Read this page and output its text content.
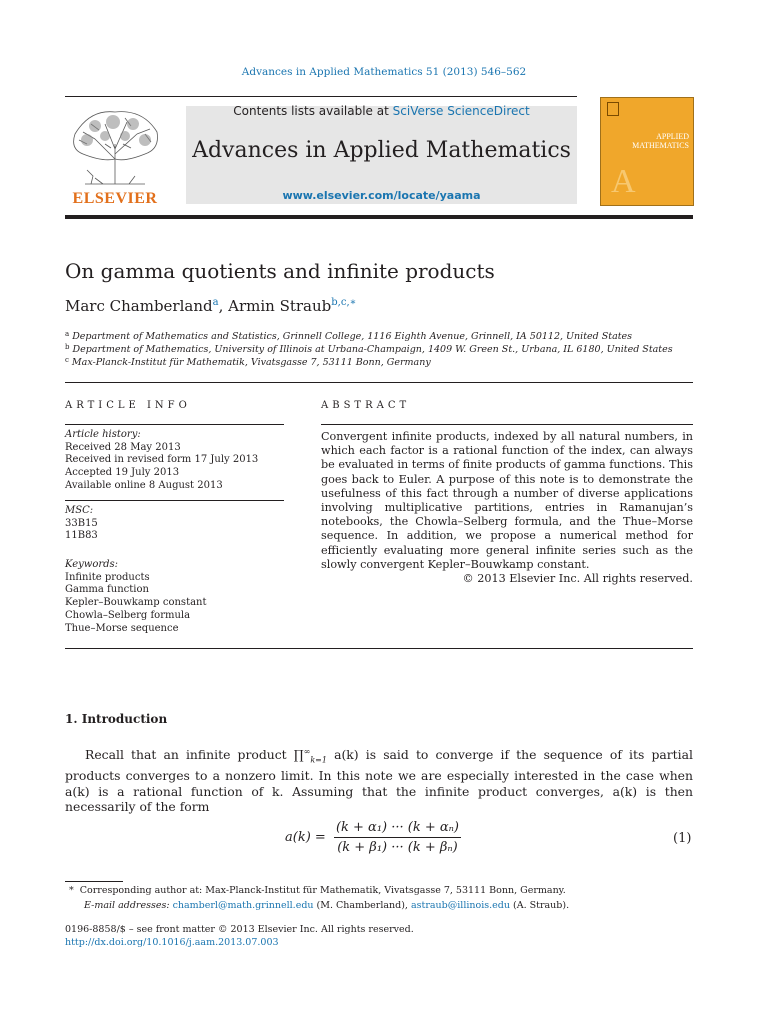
Advances in Applied Mathematics 51 (2013) 546–562
ELSEVIER
Contents lists available at SciVerse ScienceDirect
Advances in Applied Mathematics
www.elsevier.com/locate/yaama
APPLIED
MATHEMATICS
A
On gamma quotients and infinite products
Marc Chamberland$^a$, Armin Straub$^{b,c,∗}$
$^a$ Department of Mathematics and Statistics, Grinnell College, 1116 Eighth Avenue, Grinnell, IA 50112, United States
$^b$ Department of Mathematics, University of Illinois at Urbana-Champaign, 1409 W. Green St., Urbana, IL 6180, United States
$^c$ Max-Planck-Institut für Mathematik, Vivatsgasse 7, 53111 Bonn, Germany
ARTICLE INFO
Article history:
Received 28 May 2013
Received in revised form 17 July 2013
Accepted 19 July 2013
Available online 8 August 2013
MSC:
33B15
11B83
Keywords:
Infinite products
Gamma function
Kepler–Bouwkamp constant
Chowla–Selberg formula
Thue–Morse sequence
ABSTRACT
Convergent infinite products, indexed by all natural numbers, in which each factor is a rational function of the index, can always be evaluated in terms of finite products of gamma functions. This goes back to Euler. A purpose of this note is to demonstrate the usefulness of this fact through a number of diverse applications involving multiplicative partitions, entries in Ramanujan’s notebooks, the Chowla–Selberg formula, and the Thue–Morse sequence. In addition, we propose a numerical method for efficiently evaluating more general infinite series such as the slowly convergent Kepler–Bouwkamp constant.
© 2013 Elsevier Inc. All rights reserved.
1. Introduction
Recall that an infinite product $\prod^\infty_{k=1}$ a(k) is said to converge if the sequence of its partial products converges to a nonzero limit. In this note we are especially interested in the case when a(k) is a rational function of k. Assuming that the infinite product converges, a(k) is then necessarily of the form
$a(k) = \frac{\text{(k + α₁) ··· (k + αₙ)}}{\text{(k + β₁) ··· (k + βₙ)}}$	(1)
* Corresponding author at: Max-Planck-Institut für Mathematik, Vivatsgasse 7, 53111 Bonn, Germany.
E-mail addresses: chamberl@math.grinnell.edu (M. Chamberland), astraub@illinois.edu (A. Straub).
0196-8858/$ – see front matter © 2013 Elsevier Inc. All rights reserved.
http://dx.doi.org/10.1016/j.aam.2013.07.003
